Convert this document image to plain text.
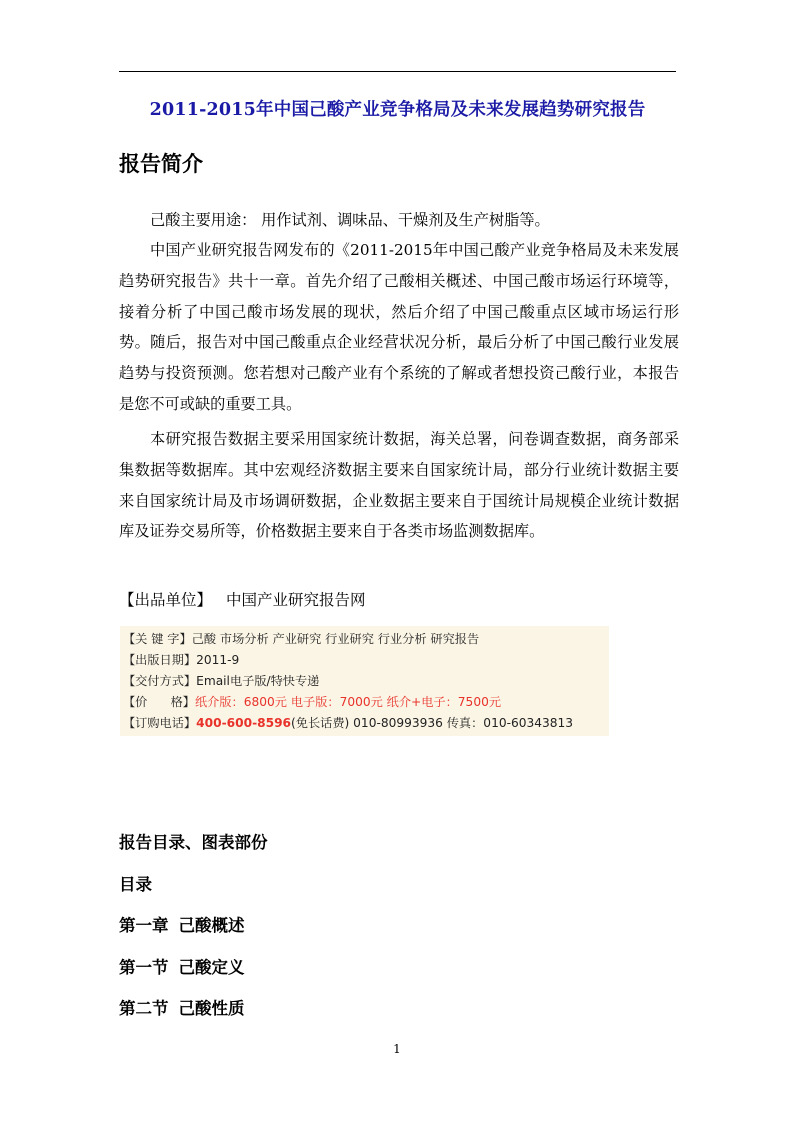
2011-2015年中国己酸产业竞争格局及未来发展趋势研究报告
报告简介

己酸主要用途： 用作试剂、调味品、干燥剂及生产树脂等。

中国产业研究报告网发布的《2011-2015年中国己酸产业竞争格局及未来发展趋势研究报告》共十一章。首先介绍了己酸相关概述、中国己酸市场运行环境等，接着分析了中国己酸市场发展的现状，然后介绍了中国己酸重点区域市场运行形势。随后，报告对中国己酸重点企业经营状况分析，最后分析了中国己酸行业发展趋势与投资预测。您若想对己酸产业有个系统的了解或者想投资己酸行业，本报告是您不可或缺的重要工具。

本研究报告数据主要采用国家统计数据，海关总署，问卷调查数据，商务部采集数据等数据库。其中宏观经济数据主要来自国家统计局，部分行业统计数据主要来自国家统计局及市场调研数据，企业数据主要来自于国统计局规模企业统计数据库及证券交易所等，价格数据主要来自于各类市场监测数据库。

【出品单位】 中国产业研究报告网
【关 键 字】己酸 市场分析 产业研究 行业研究 行业分析 研究报告
【出版日期】2011-9
【交付方式】Email电子版/特快专递
【价      格】纸介版：6800元 电子版：7000元 纸介+电子：7500元
【订购电话】400-600-8596(免长话费) 010-80993936 传真：010-60343813
报告目录、图表部份
目录
第一章 己酸概述
第一节 己酸定义
第二节 己酸性质
1
